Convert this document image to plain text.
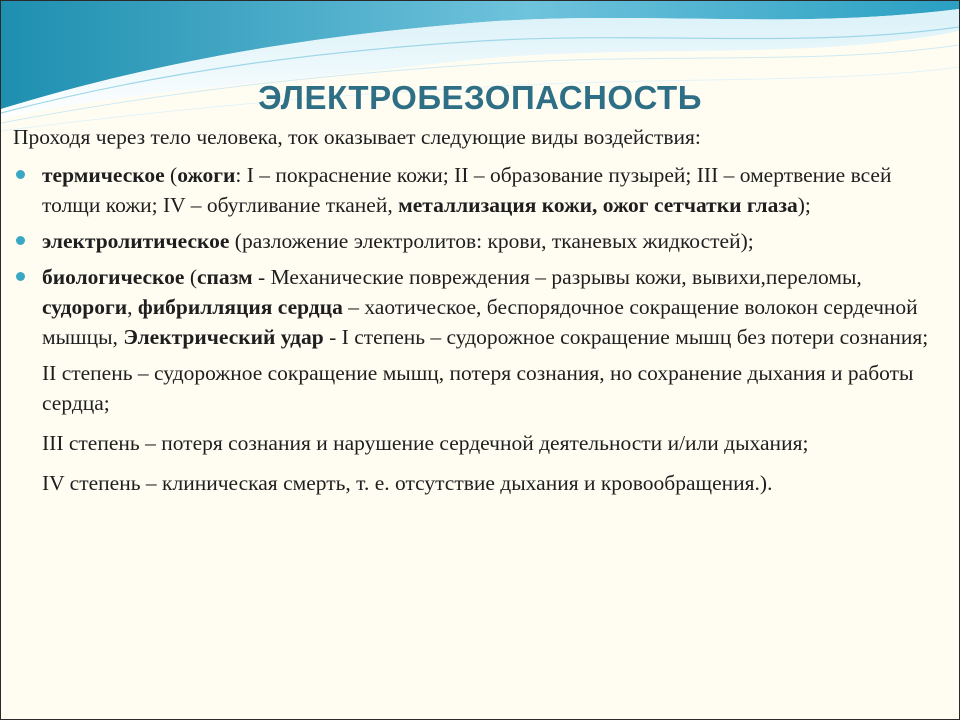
ЭЛЕКТРОБЕЗОПАСНОСТЬ

Проходя через тело человека, ток оказывает следующие виды воздействия:

термическое (ожоги: I – покраснение кожи; II – образование пузырей; III – омертвение всей толщи кожи; IV – обугливание тканей, металлизация кожи, ожог сетчатки глаза);
электролитическое (разложение электролитов: крови, тканевых жидкостей);
биологическое (спазм - Механические повреждения – разрывы кожи, вывихи,переломы, судороги, фибрилляция сердца – хаотическое, беспорядочное сокращение волокон сердечной мышцы, Электрический удар - I степень – судорожное сокращение мышц без потери сознания;

II степень – судорожное сокращение мышц, потеря сознания, но сохранение дыхания и работы сердца;

III степень – потеря сознания и нарушение сердечной деятельности и/или дыхания;

IV степень – клиническая смерть, т. е. отсутствие дыхания и кровообращения.).
